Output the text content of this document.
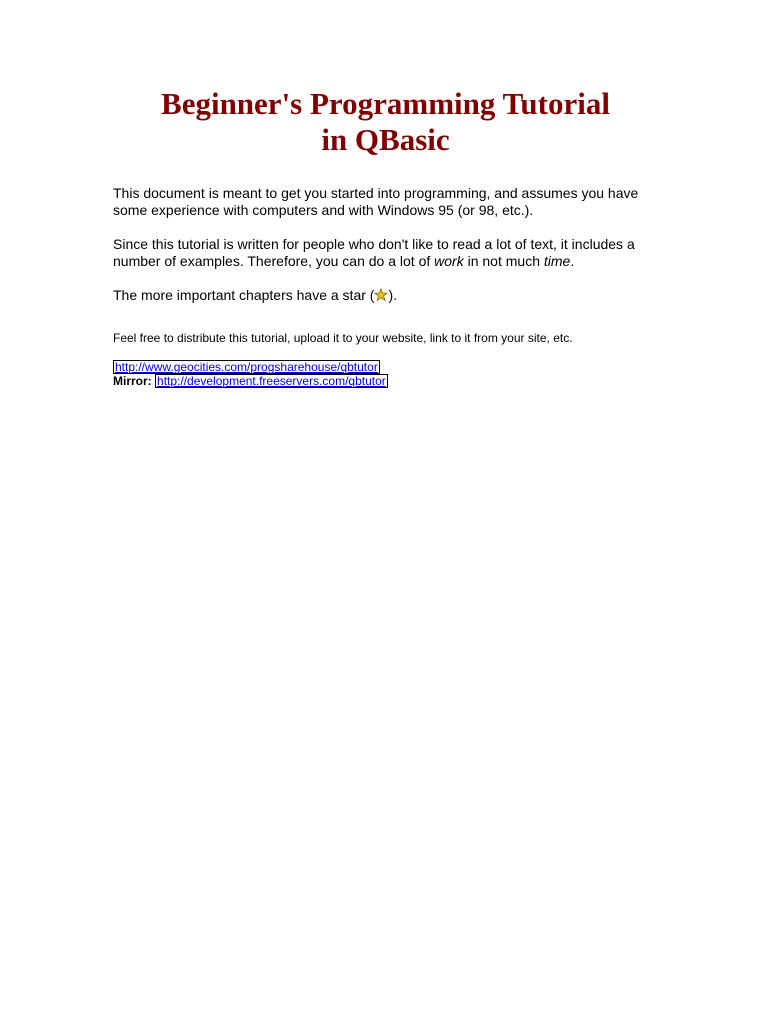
Beginner's Programming Tutorial
in QBasic

This document is meant to get you started into programming, and assumes you have some experience with computers and with Windows 95 (or 98, etc.).

Since this tutorial is written for people who don't like to read a lot of text, it includes a number of examples. Therefore, you can do a lot of work in not much time.

The more important chapters have a star ( ).

Feel free to distribute this tutorial, upload it to your website, link to it from your site, etc.

http://www.geocities.com/progsharehouse/qbtutor
Mirror: http://development.freeservers.com/qbtutor
